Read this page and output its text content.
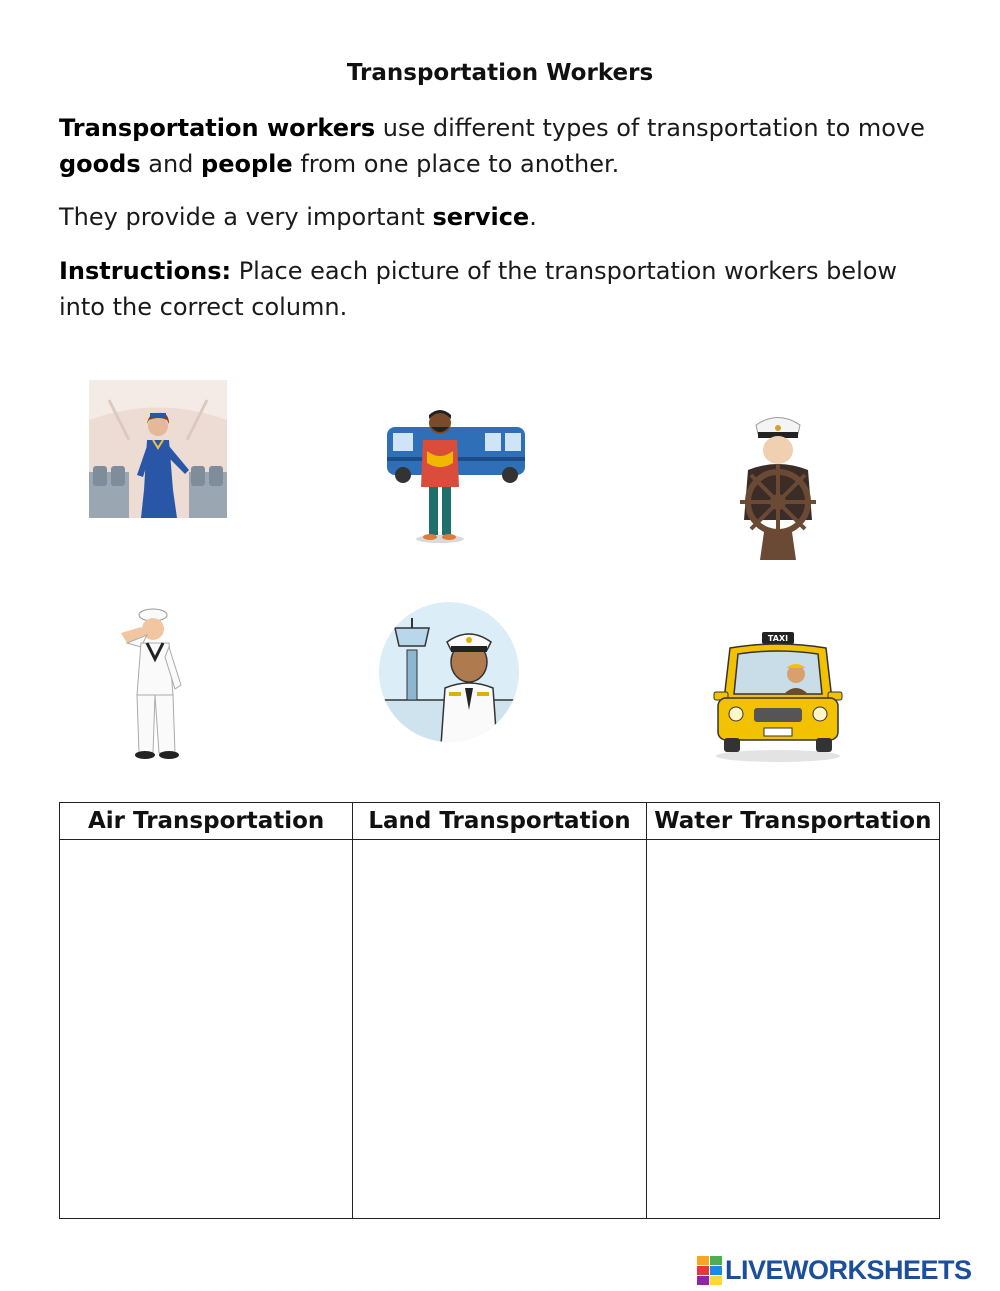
Transportation Workers

Transportation workers use different types of transportation to move goods and people from one place to another.

They provide a very important service.

Instructions: Place each picture of the transportation workers below into the correct column.

TAXI
Air Transportation	Land Transportation	Water Transportation

LIVEWORKSHEETS
